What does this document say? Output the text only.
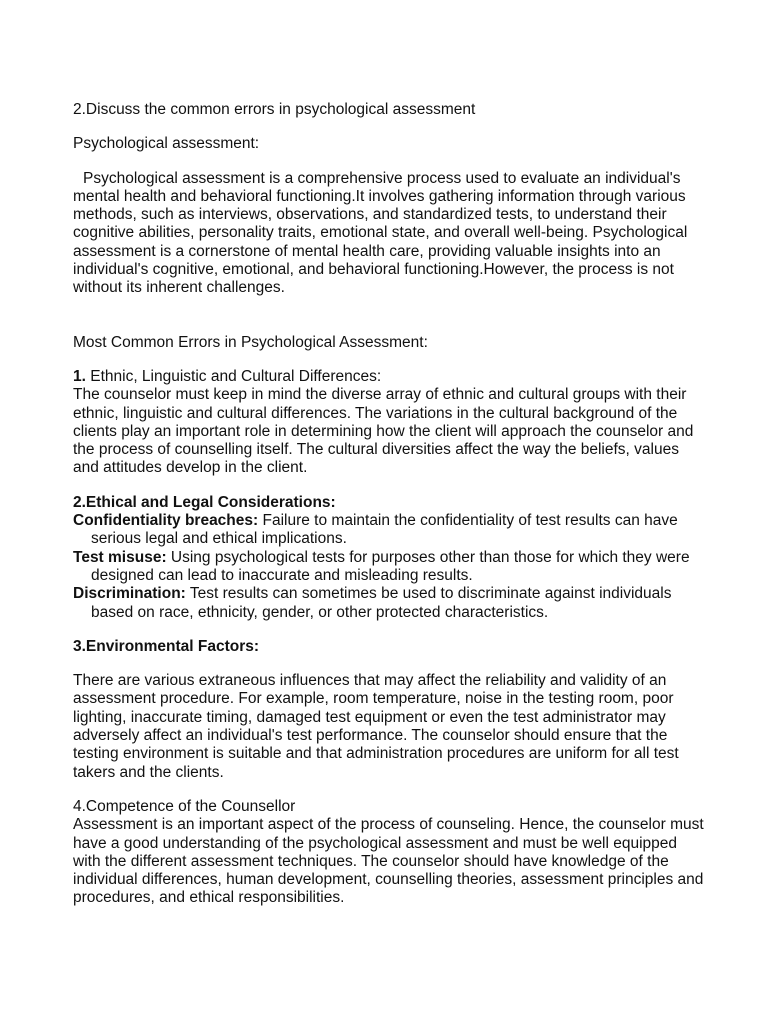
2.Discuss the common errors in psychological assessment

Psychological assessment:

Psychological assessment is a comprehensive process used to evaluate an individual's mental health and behavioral functioning.It involves gathering information through various methods, such as interviews, observations, and standardized tests, to understand their cognitive abilities, personality traits, emotional state, and overall well-being. Psychological assessment is a cornerstone of mental health care, providing valuable insights into an individual's cognitive, emotional, and behavioral functioning.However, the process is not without its inherent challenges.

Most Common Errors in Psychological Assessment:

1. Ethnic, Linguistic and Cultural Differences:

The counselor must keep in mind the diverse array of ethnic and cultural groups with their ethnic, linguistic and cultural differences. The variations in the cultural background of the clients play an important role in determining how the client will approach the counselor and the process of counselling itself. The cultural diversities affect the way the beliefs, values and attitudes develop in the client.

2.Ethical and Legal Considerations:

Confidentiality breaches: Failure to maintain the confidentiality of test results can have serious legal and ethical implications.

Test misuse: Using psychological tests for purposes other than those for which they were designed can lead to inaccurate and misleading results.

Discrimination: Test results can sometimes be used to discriminate against individuals based on race, ethnicity, gender, or other protected characteristics.

3.Environmental Factors:

There are various extraneous influences that may affect the reliability and validity of an assessment procedure. For example, room temperature, noise in the testing room, poor lighting, inaccurate timing, damaged test equipment or even the test administrator may adversely affect an individual's test performance. The counselor should ensure that the testing environment is suitable and that administration procedures are uniform for all test takers and the clients.

4.Competence of the Counsellor

Assessment is an important aspect of the process of counseling. Hence, the counselor must have a good understanding of the psychological assessment and must be well equipped with the different assessment techniques. The counselor should have knowledge of the individual differences, human development, counselling theories, assessment principles and procedures, and ethical responsibilities.
